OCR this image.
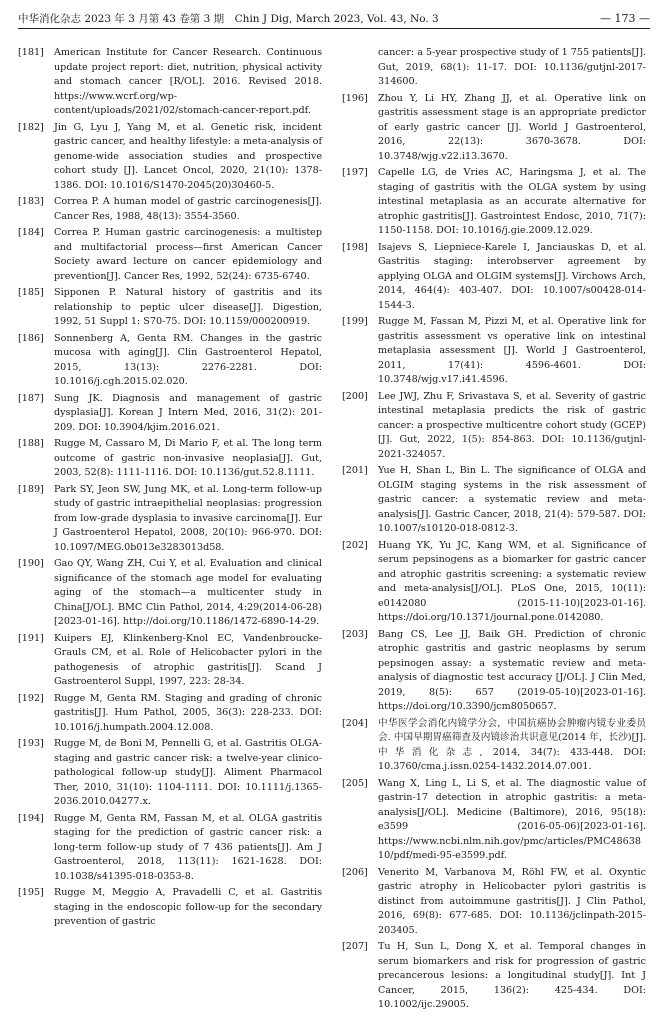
中华消化杂志 2023 年 3 月第 43 卷第 3 期　Chin J Dig, March 2023, Vol. 43, No. 3	— 173 —
[181]	American Institute for Cancer Research. Continuous update project report: diet, nutrition, physical activity and stomach cancer [R/OL]. 2016. Revised 2018. https://www.wcrf.org/wp-content/uploads/2021/02/stomach-cancer-report.pdf.
[182]	Jin G, Lyu J, Yang M, et al. Genetic risk, incident gastric cancer, and healthy lifestyle: a meta-analysis of genome-wide association studies and prospective cohort study [J]. Lancet Oncol, 2020, 21(10): 1378-1386. DOI: 10.1016/S1470-2045(20)30460-5.
[183]	Correa P. A human model of gastric carcinogenesis[J]. Cancer Res, 1988, 48(13): 3554-3560.
[184]	Correa P. Human gastric carcinogenesis: a multistep and multifactorial process—first American Cancer Society award lecture on cancer epidemiology and prevention[J]. Cancer Res, 1992, 52(24): 6735-6740.
[185]	Sipponen P. Natural history of gastritis and its relationship to peptic ulcer disease[J]. Digestion, 1992, 51 Suppl 1: S70-75. DOI: 10.1159/000200919.
[186]	Sonnenberg A, Genta RM. Changes in the gastric mucosa with aging[J]. Clin Gastroenterol Hepatol, 2015, 13(13): 2276-2281. DOI: 10.1016/j.cgh.2015.02.020.
[187]	Sung JK. Diagnosis and management of gastric dysplasia[J]. Korean J Intern Med, 2016, 31(2): 201-209. DOI: 10.3904/kjim.2016.021.
[188]	Rugge M, Cassaro M, Di Mario F, et al. The long term outcome of gastric non-invasive neoplasia[J]. Gut, 2003, 52(8): 1111-1116. DOI: 10.1136/gut.52.8.1111.
[189]	Park SY, Jeon SW, Jung MK, et al. Long-term follow-up study of gastric intraepithelial neoplasias: progression from low-grade dysplasia to invasive carcinoma[J]. Eur J Gastroenterol Hepatol, 2008, 20(10): 966-970. DOI: 10.1097/MEG.0b013e3283013d58.
[190]	Gao QY, Wang ZH, Cui Y, et al. Evaluation and clinical significance of the stomach age model for evaluating aging of the stomach—a multicenter study in China[J/OL]. BMC Clin Pathol, 2014, 4:29(2014-06-28)[2023-01-16]. http://doi.org/10.1186/1472-6890-14-29.
[191]	Kuipers EJ, Klinkenberg-Knol EC, Vandenbroucke-Grauls CM, et al. Role of Helicobacter pylori in the pathogenesis of atrophic gastritis[J]. Scand J Gastroenterol Suppl, 1997, 223: 28-34.
[192]	Rugge M, Genta RM. Staging and grading of chronic gastritis[J]. Hum Pathol, 2005, 36(3): 228-233. DOI: 10.1016/j.humpath.2004.12.008.
[193]	Rugge M, de Boni M, Pennelli G, et al. Gastritis OLGA-staging and gastric cancer risk: a twelve-year clinico-pathological follow-up study[J]. Aliment Pharmacol Ther, 2010, 31(10): 1104-1111. DOI: 10.1111/j.1365-2036.2010.04277.x.
[194]	Rugge M, Genta RM, Fassan M, et al. OLGA gastritis staging for the prediction of gastric cancer risk: a long-term follow-up study of 7 436 patients[J]. Am J Gastroenterol, 2018, 113(11): 1621-1628. DOI: 10.1038/s41395-018-0353-8.
[195]	Rugge M, Meggio A, Pravadelli C, et al. Gastritis staging in the endoscopic follow-up for the secondary prevention of gastric
cancer: a 5-year prospective study of 1 755 patients[J]. Gut, 2019, 68(1): 11-17. DOI: 10.1136/gutjnl-2017-314600.
[196]	Zhou Y, Li HY, Zhang JJ, et al. Operative link on gastritis assessment stage is an appropriate predictor of early gastric cancer [J]. World J Gastroenterol, 2016, 22(13): 3670-3678. DOI: 10.3748/wjg.v22.i13.3670.
[197]	Capelle LG, de Vries AC, Haringsma J, et al. The staging of gastritis with the OLGA system by using intestinal metaplasia as an accurate alternative for atrophic gastritis[J]. Gastrointest Endosc, 2010, 71(7): 1150-1158. DOI: 10.1016/j.gie.2009.12.029.
[198]	Isajevs S, Liepniece-Karele I, Janciauskas D, et al. Gastritis staging: interobserver agreement by applying OLGA and OLGIM systems[J]. Virchows Arch, 2014, 464(4): 403-407. DOI: 10.1007/s00428-014-1544-3.
[199]	Rugge M, Fassan M, Pizzi M, et al. Operative link for gastritis assessment vs operative link on intestinal metaplasia assessment [J]. World J Gastroenterol, 2011, 17(41): 4596-4601. DOI: 10.3748/wjg.v17.i41.4596.
[200]	Lee JWJ, Zhu F, Srivastava S, et al. Severity of gastric intestinal metaplasia predicts the risk of gastric cancer: a prospective multicentre cohort study (GCEP)[J]. Gut, 2022, 1(5): 854-863. DOI: 10.1136/gutjnl-2021-324057.
[201]	Yue H, Shan L, Bin L. The significance of OLGA and OLGIM staging systems in the risk assessment of gastric cancer: a systematic review and meta-analysis[J]. Gastric Cancer, 2018, 21(4): 579-587. DOI: 10.1007/s10120-018-0812-3.
[202]	Huang YK, Yu JC, Kang WM, et al. Significance of serum pepsinogens as a biomarker for gastric cancer and atrophic gastritis screening: a systematic review and meta-analysis[J/OL]. PLoS One, 2015, 10(11): e0142080 (2015-11-10)[2023-01-16]. https://doi.org/10.1371/journal.pone.0142080.
[203]	Bang CS, Lee JJ, Baik GH. Prediction of chronic atrophic gastritis and gastric neoplasms by serum pepsinogen assay: a systematic review and meta-analysis of diagnostic test accuracy [J/OL]. J Clin Med, 2019, 8(5): 657 (2019-05-10)[2023-01-16]. https://doi.org/10.3390/jcm8050657.
[204]	中华医学会消化内镜学分会，中国抗癌协会肿瘤内镜专业委员会. 中国早期胃癌筛查及内镜诊治共识意见(2014 年，长沙)[J]. 中华消化杂志, 2014, 34(7): 433-448. DOI: 10.3760/cma.j.issn.0254-1432.2014.07.001.
[205]	Wang X, Ling L, Li S, et al. The diagnostic value of gastrin-17 detection in atrophic gastritis: a meta-analysis[J/OL]. Medicine (Baltimore), 2016, 95(18): e3599 (2016-05-06)[2023-01-16]. https://www.ncbi.nlm.nih.gov/pmc/articles/PMC4863810/pdf/medi-95-e3599.pdf.
[206]	Venerito M, Varbanova M, Röhl FW, et al. Oxyntic gastric atrophy in Helicobacter pylori gastritis is distinct from autoimmune gastritis[J]. J Clin Pathol, 2016, 69(8): 677-685. DOI: 10.1136/jclinpath-2015-203405.
[207]	Tu H, Sun L, Dong X, et al. Temporal changes in serum biomarkers and risk for progression of gastric precancerous lesions: a longitudinal study[J]. Int J Cancer, 2015, 136(2): 425-434. DOI: 10.1002/ijc.29005.
